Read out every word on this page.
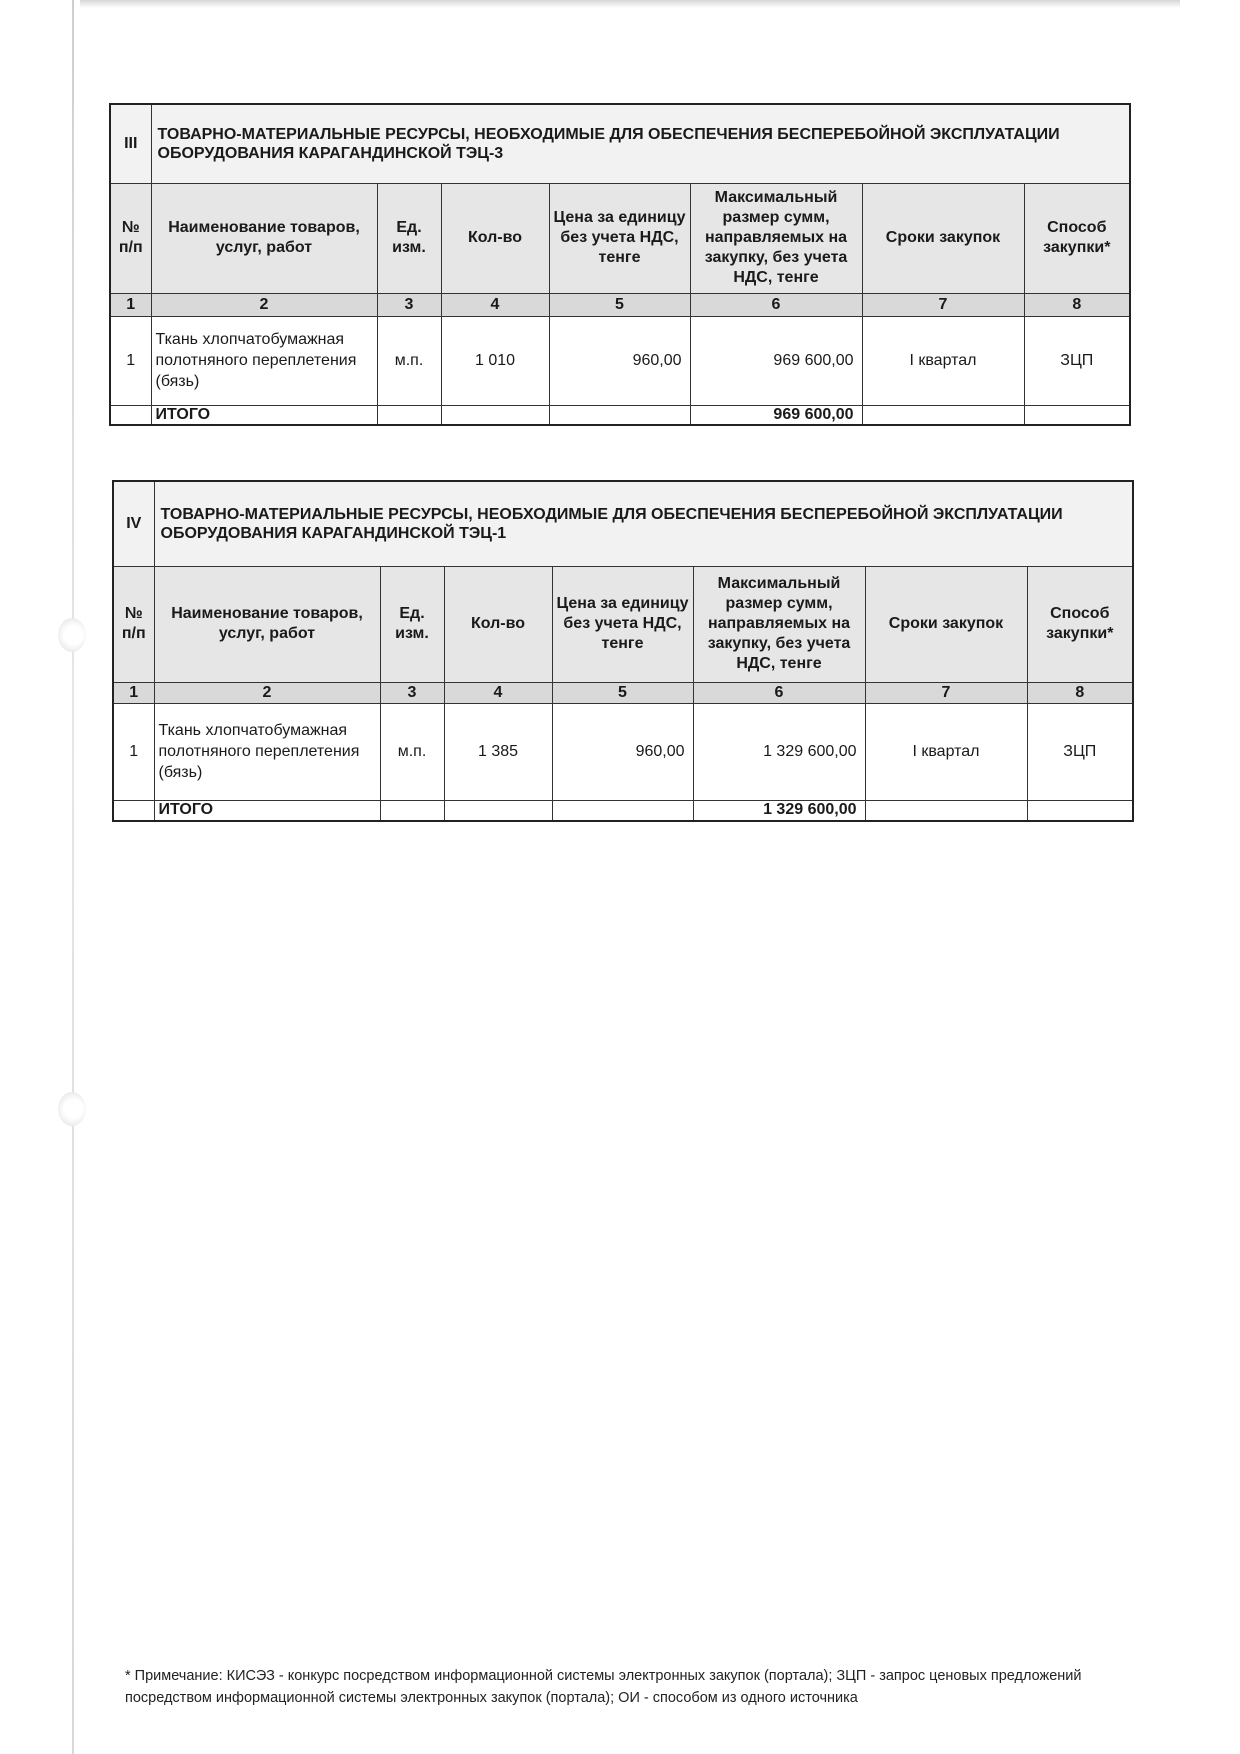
III	ТОВАРНО-МАТЕРИАЛЬНЫЕ РЕСУРСЫ, НЕОБХОДИМЫЕ ДЛЯ ОБЕСПЕЧЕНИЯ БЕСПЕРЕБОЙНОЙ ЭКСПЛУАТАЦИИ ОБОРУДОВАНИЯ КАРАГАНДИНСКОЙ ТЭЦ-3						
№ п/п	Наименование товаров, услуг, работ	Ед. изм.	Кол-во	Цена за единицу без учета НДС, тенге	Максимальный размер сумм, направляемых на закупку, без учета НДС, тенге	Сроки закупок	Способ закупки*
1	2	3	4	5	6	7	8
1	Ткань хлопчатобумажная полотняного переплетения (бязь)	м.п.	1 010	960,00	969 600,00	I квартал	ЗЦП
	ИТОГО				969 600,00		
IV	ТОВАРНО-МАТЕРИАЛЬНЫЕ РЕСУРСЫ, НЕОБХОДИМЫЕ ДЛЯ ОБЕСПЕЧЕНИЯ БЕСПЕРЕБОЙНОЙ ЭКСПЛУАТАЦИИ ОБОРУДОВАНИЯ КАРАГАНДИНСКОЙ ТЭЦ-1						
№ п/п	Наименование товаров, услуг, работ	Ед. изм.	Кол-во	Цена за единицу без учета НДС, тенге	Максимальный размер сумм, направляемых на закупку, без учета НДС, тенге	Сроки закупок	Способ закупки*
1	2	3	4	5	6	7	8
1	Ткань хлопчатобумажная полотняного переплетения (бязь)	м.п.	1 385	960,00	1 329 600,00	I квартал	ЗЦП
	ИТОГО				1 329 600,00		
* Примечание: КИСЭЗ - конкурс посредством информационной системы электронных закупок (портала); ЗЦП - запрос ценовых предложений посредством информационной системы электронных закупок (портала); ОИ - способом из одного источника
